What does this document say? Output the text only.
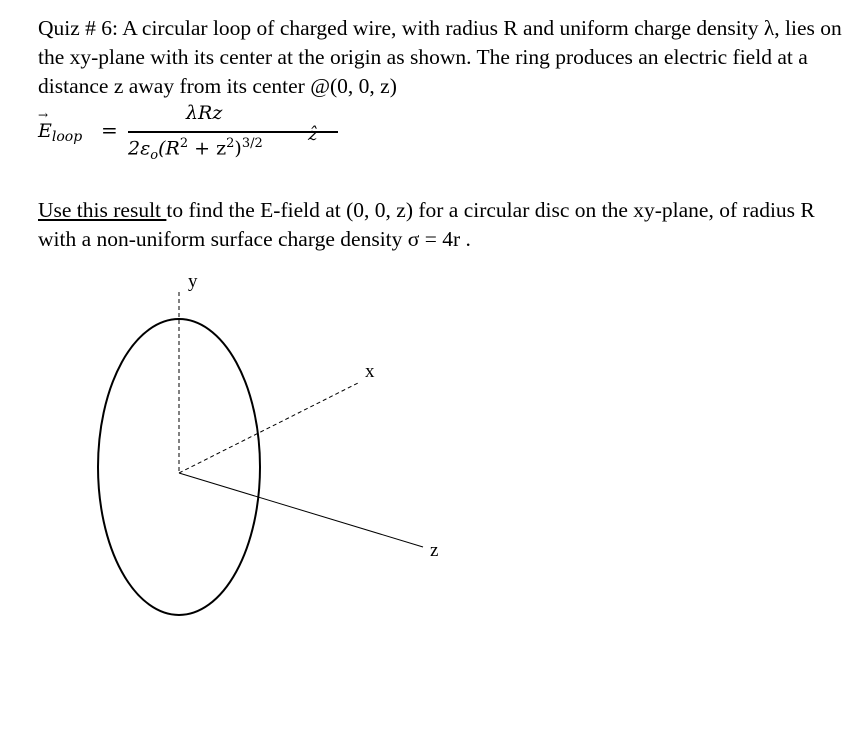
Quiz # 6: A circular loop of charged wire, with radius R and uniform charge density λ, lies on the xy-plane with its center at the origin as shown. The ring produces an electric field at a distance z away from its center @(0, 0, z)

→ $E_{loop}$ =
λRz
$2\varepsilon_o(R^2 + z^2)^{3/2}$	ẑ

Use this result to find the E-field at (0, 0, z) for a circular disc on the xy-plane, of radius R with a non-uniform surface charge density σ = 4r .

y
x
z
